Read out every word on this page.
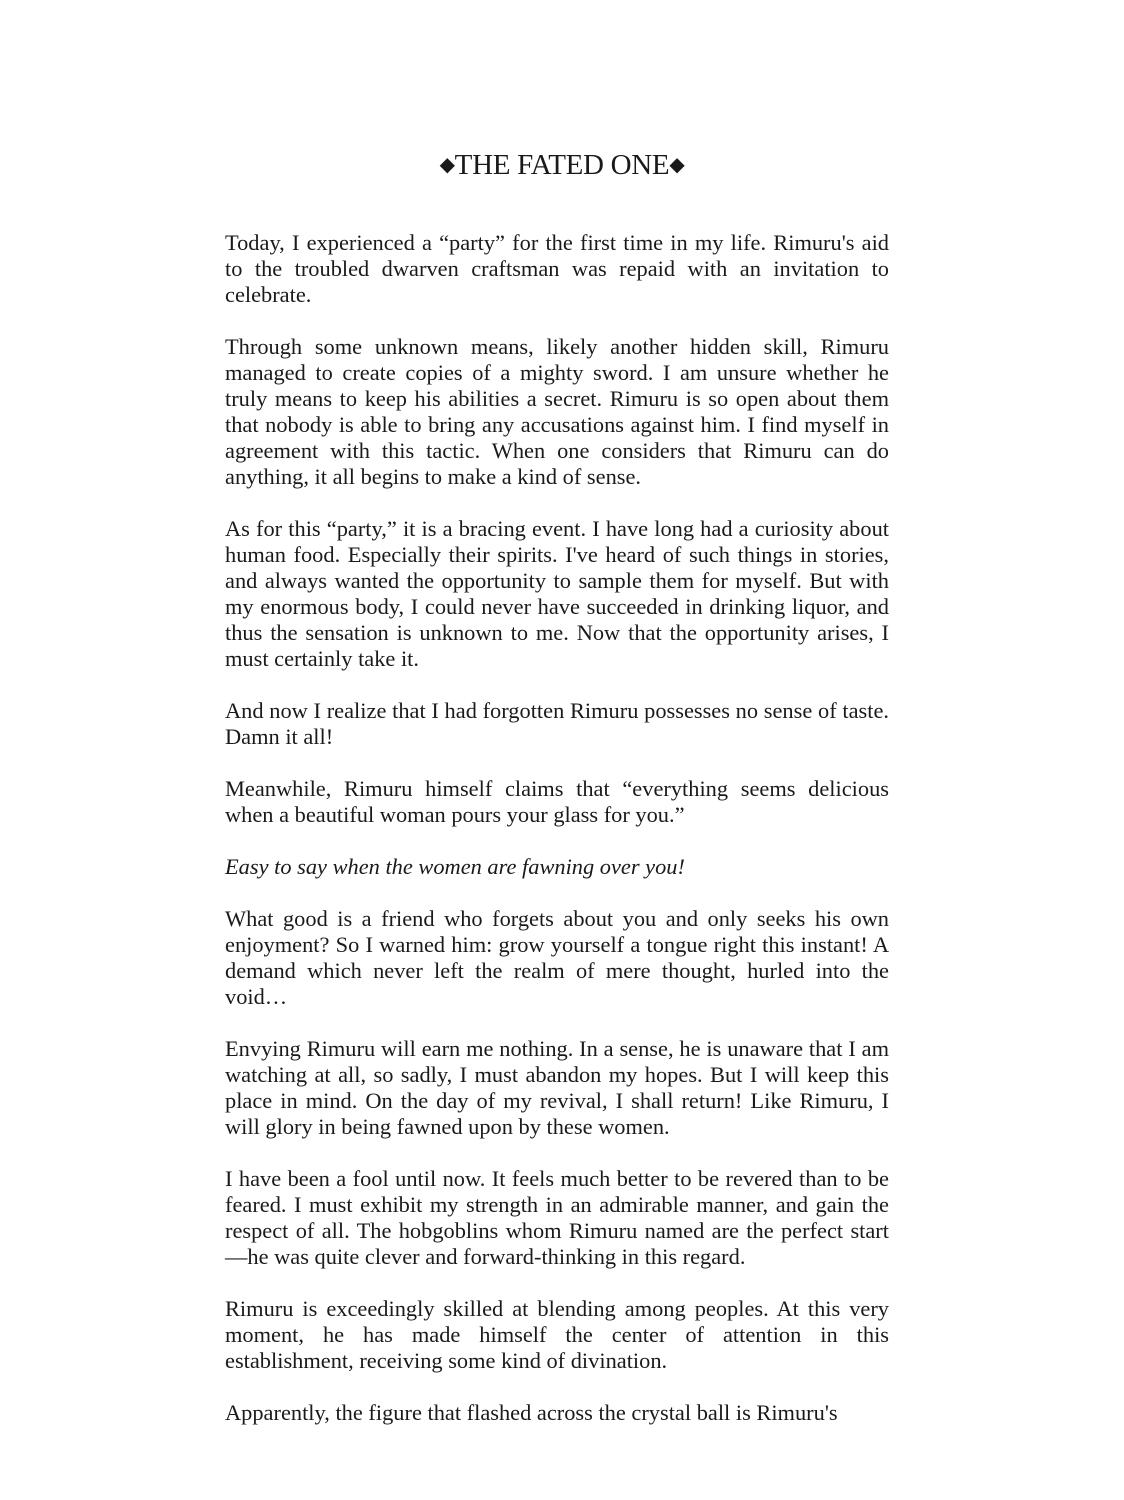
◆THE FATED ONE◆

Today, I experienced a “party” for the first time in my life. Rimuru's aid to the troubled dwarven craftsman was repaid with an invitation to celebrate.

Through some unknown means, likely another hidden skill, Rimuru managed to create copies of a mighty sword. I am unsure whether he truly means to keep his abilities a secret. Rimuru is so open about them that nobody is able to bring any accusations against him. I find myself in agreement with this tactic. When one considers that Rimuru can do anything, it all begins to make a kind of sense.

As for this “party,” it is a bracing event. I have long had a curiosity about human food. Especially their spirits. I've heard of such things in stories, and always wanted the opportunity to sample them for myself. But with my enormous body, I could never have succeeded in drinking liquor, and thus the sensation is unknown to me. Now that the opportunity arises, I must certainly take it.

And now I realize that I had forgotten Rimuru possesses no sense of taste. Damn it all!

Meanwhile, Rimuru himself claims that “everything seems delicious when a beautiful woman pours your glass for you.”

Easy to say when the women are fawning over you!

What good is a friend who forgets about you and only seeks his own enjoyment? So I warned him: grow yourself a tongue right this instant! A demand which never left the realm of mere thought, hurled into the void…

Envying Rimuru will earn me nothing. In a sense, he is unaware that I am watching at all, so sadly, I must abandon my hopes. But I will keep this place in mind. On the day of my revival, I shall return! Like Rimuru, I will glory in being fawned upon by these women.

I have been a fool until now. It feels much better to be revered than to be feared. I must exhibit my strength in an admirable manner, and gain the respect of all. The hobgoblins whom Rimuru named are the perfect start—he was quite clever and forward-thinking in this regard.

Rimuru is exceedingly skilled at blending among peoples. At this very moment, he has made himself the center of attention in this establishment, receiving some kind of divination.

Apparently, the figure that flashed across the crystal ball is Rimuru's
